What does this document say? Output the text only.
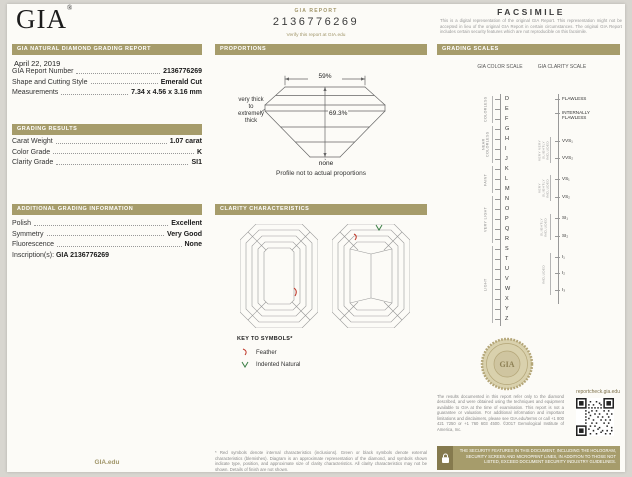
GIA®	GIA REPORT
2136776269
Verify this report at GIA.edu
FACSIMILE
This is a digital representation of the original GIA Report. This representation might not be accepted in lieu of the original GIA Report in certain circumstances. The original GIA Report includes certain security features which are not reproducible on this facsimile.
GIA NATURAL DIAMOND GRADING REPORT
April 22, 2019
GIA Report Number	2136776269
Shape and Cutting Style	Emerald Cut
Measurements	7.34 x 4.56 x 3.16 mm
GRADING RESULTS
Carat Weight	1.07 carat
Color Grade	K
Clarity Grade	SI1
ADDITIONAL GRADING INFORMATION
Polish	Excellent
Symmetry	Very Good
Fluorescence	None
Inscription(s): GIA 2136776269
GIA.edu
PROPORTIONS
59%
69.3%
very thick to extremely thick
none
Profile not to actual proportions
CLARITY CHARACTERISTICS
KEY TO SYMBOLS*
Feather
Indented Natural
* Red symbols denote internal characteristics (inclusions). Green or black symbols denote external characteristics (blemishes). Diagram is an approximate representation of the diamond, and symbols shown indicate type, position, and approximate size of clarity characteristics. All clarity characteristics may not be shown. Details of finish are not shown.
GRADING SCALES
GIA COLOR SCALE	GIA CLARITY SCALE
D
E
F
G
H
I
J
K
L
M
N
O
P
Q
R
S
T
U
V
W
X
Y
Z
COLORLESS
NEAR COLORLESS
FAINT
VERY LIGHT
LIGHT
FLAWLESS
INTERNALLY FLAWLESS
VVS₁
VVS₂
VS₁
VS₂
SI₁
SI₂
I₁
I₂
I₃
VERY VERY SLIGHTLY INCLUDED
VERY SLIGHTLY INCLUDED
SLIGHTLY INCLUDED
INCLUDED
GIA
reportcheck.gia.edu
The results documented in this report refer only to the diamond described, and were obtained using the techniques and equipment available to GIA at the time of examination. This report is not a guarantee or valuation. For additional information and important limitations and disclaimers, please see GIA.edu/terms or call +1 800 421 7250 or +1 760 603 4500. ©2017 Gemological Institute of America, Inc.
THE SECURITY FEATURES IN THIS DOCUMENT, INCLUDING THE HOLOGRAM, SECURITY SCREEN AND MICROPRINT LINES, IN ADDITION TO THOSE NOT LISTED, EXCEED DOCUMENT SECURITY INDUSTRY GUIDELINES.
